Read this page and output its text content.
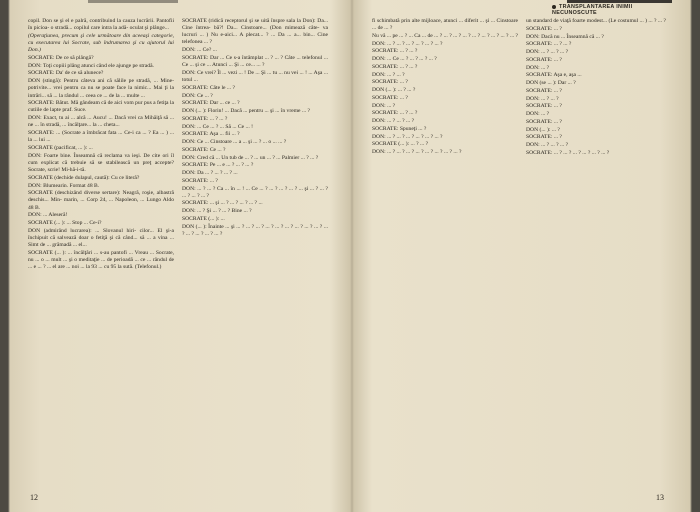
copil. Don se şi el e palră, contribuind la cauza lucrării. Pantofii în picioa- o stradă... copilul care intra la adă- oculat şi plânge...

(Operaţiunea, precum şi cele următoare din aceeaşi categorie, cu executarea lui Socrate, sub îndrumarea şi cu ajutorul lui Don.)

SOCRATE: De ce să plângă?

DON: Toţi copiii plâng atunci când ele ajunge pe stradă.

SOCRATE: Da' de ce să alunece?

DON (stingă): Pentru câteva ani că sălile pe stradă, ... Mine- potrivite... vrei pentru ca nu se poate face la nimic... Mai ţi la intrări... să ... la rândul ... ceea ce ... de la ... multe ...

SOCRATE: Bătut. Mă gândeam că de aici vom pur pus a fetiţa la cutiile de lapte praf. Suce.

DON: Exact, tu ai ... alcă ... Aucu! ... Dacă vrei ca Mihăiţă să ... ne ... în stradă, ... încălţare... la ... cheta...

SOCRATE: ... (Socrate a îmbrăcat fata ... Ce-i ca ... ? Ea ... ) ... la ... lui ...

SOCRATE (pacificat, ... ): ...

DON: Foarte bine. Înseamnă că reclama va ieşi. De cite ori îl cum explicat că trebuie să se stabilească un preţ accepte? Socrate, scrie! Mi-hă-i-tă.

SOCRATE (dechide dulapul, caută): Cu ce literă?

DON: Blumearin. Format 48 B.

SOCRATE (deschizând diverse sertare): Neagră, roşie, albastră deschis... Min- marin, ... Corp 24, ... Napoleon, ... Lungo Aldo 48 B.

DON: ... Aleseră!

SOCRATE (... ): ... Stop ... Ce-i?

DON (admirând lucrarea): ... Slovanul hiri- cilor... El şi-a închipuit că salvează doar o fetiţă şi că când... să ... a vina ... Simt de ... grămadă ... el...

SOCRATE (... ): ... încălţări ... s-au pantofi ... Vreau ... Socrate, nu ... o ... mult ... şi o meditaţie ... de perioadă ... ce ... rândul de ... e ... ? ... el are ... noi ... la 93 ... cu 95 la sută. (Telefonul.)

SOCRATE (ridică receptorul şi se uită înspre sala la Don): Da... Cine întrea- bă?! Da... Cinstoare... (Don mimează câte- va lucruri ... ) Nu e-aici... A plecat... ? ... Da ... a... bin... Cine telefonea ... ?

DON: ... Ce? ...

SOCRATE: Dar ... Ce s-a întâmplat ... ? ... ? Câte ... telefonul ... Ce ... şi ce ... Atunci ... Şi ... ce... ... ?

DON: Ce vrei? Îl ... vezi ... ! De ... Şi ... tu ... nu vei ... ! ... Aşa ... totul ...

SOCRATE: Câte le ... ?

DON: Ce ... ?

SOCRATE: Dar ... ce ... ?

DON (... ): Florin! ... Dacă ... pentru ... şi ... în vreme ... ?

SOCRATE: ... ? ... ?

DON: ... Ce ... ? ... Să ... Ce ... !

SOCRATE: Aşa ... fii ... ?

DON: Ce ... Cinstoare ... a ... şi ... ? ... o ... ... ?

SOCRATE: Ce ... ?

DON: Cred că ... Un tub de ... ? ... un ... ? ... Palmier ... ? ... ?

SOCRATE: Pe ... e ... ? ... ? ... ?

DON: Da ... ? ... ? ... ? ...

SOCRATE: ... ?

DON: ... ? ... ? Ca ... în ... ! ... Ce ... ? ... ? ... ? ... ? ... şi ... ? ... ? ... ? ... ? ... ?

SOCRATE: ... şi ... ? ... ? ... ? ... ? ...

DON: ... ? Şi ... ? ... ? Bine ... ?

SOCRATE (... ): ...

DON (... ): Înainte ... şi ... ? ... ? ... ? ... ? ... ? ... ? ... ? ... ? ... ? ... ? ... ? ... ? ... ? ... ?

12
TRANSPLANTAREA INIMII NECUNOSCUTE

fi schimbată prin alte mijloace, atunci ... diferit ... şi ... Cinstoare ... de ... ?

Nu vă ... pe ... ? ... Ca ... de ... ? ... ? ... ? ... ? ... ? ... ? ... ? ... ? ... ?

DON: ... ? ... ? ... ? ... ? ... ? ... ?

SOCRATE: ... ? ... ?

DON: ... Ce ... ? ... ? ... ? ... ?

SOCRATE: ... ? ... ?

DON: ... ? ... ?

SOCRATE: ... ?

DON (... ): ... ? ... ?

SOCRATE: ... ?

DON: ... ?

SOCRATE: ... ? ... ?

DON: ... ? ... ? ... ?

SOCRATE: Spuneţi ... ?

DON: ... ? ... ? ... ? ... ? ... ? ... ?

SOCRATE (... ): ... ? ... ?

DON: ... ? ... ? ... ? ... ? ... ? ... ? ... ? ... ?

un standard de viaţă foarte modest... (Le costumul ... ) ... ? ... ?

SOCRATE: ... ?

DON: Dacă nu ... Înseamnă că ... ?

SOCRATE: ... ? ... ?

DON: ... ? ... ? ... ?

SOCRATE: ... ?

DON: ... ?

SOCRATE: Aşa e, aşa ...

DON (se ... ): Dar ... ?

SOCRATE: ... ?

DON: ... ? ... ?

SOCRATE: ... ?

DON: ... ?

SOCRATE: ... ?

DON (... ): ... ?

SOCRATE: ... ?

DON: ... ? ... ? ... ?

SOCRATE: ... ? ... ? ... ? ... ? ... ? ... ?

13
